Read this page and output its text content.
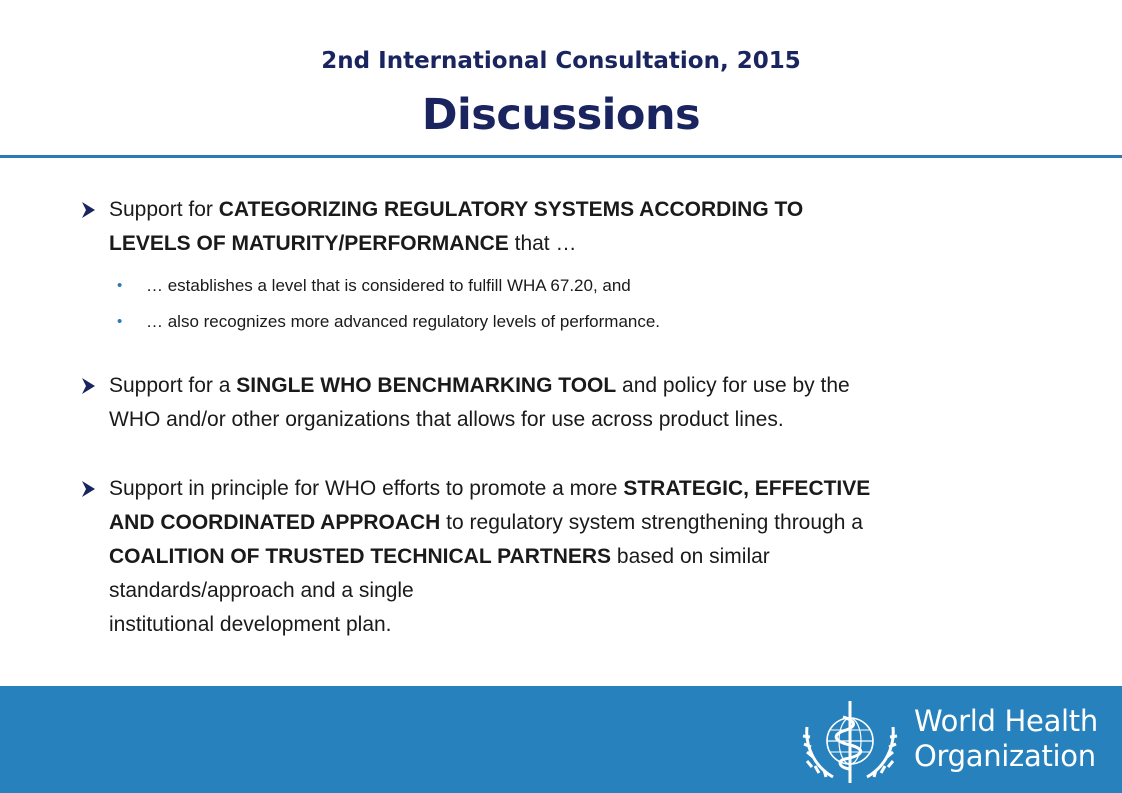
2nd International Consultation, 2015
Discussions
Support for CATEGORIZING REGULATORY SYSTEMS ACCORDING TO
LEVELS OF MATURITY/PERFORMANCE that …
• … establishes a level that is considered to fulfill WHA 67.20, and
• … also recognizes more advanced regulatory levels of performance.
Support for a SINGLE WHO BENCHMARKING TOOL and policy for use by the
WHO and/or other organizations that allows for use across product lines.
Support in principle for WHO efforts to promote a more STRATEGIC, EFFECTIVE
AND COORDINATED APPROACH to regulatory system strengthening through a
COALITION OF TRUSTED TECHNICAL PARTNERS based on similar
standards/approach and a single
institutional development plan.
World Health
Organization
